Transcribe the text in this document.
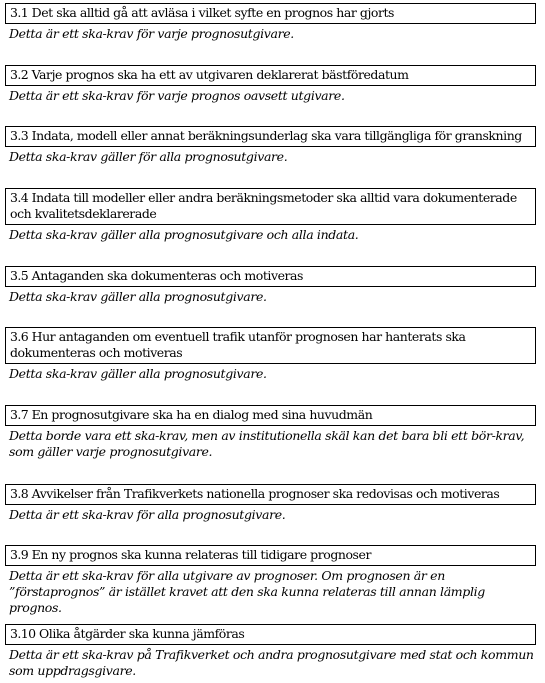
3.1 Det ska alltid gå att avläsa i vilket syfte en prognos har gjorts
Detta är ett ska-krav för varje prognosutgivare.
3.2 Varje prognos ska ha ett av utgivaren deklarerat bästföredatum
Detta är ett ska-krav för varje prognos oavsett utgivare.
3.3 Indata, modell eller annat beräkningsunderlag ska vara tillgängliga för granskning
Detta ska-krav gäller för alla prognosutgivare.
3.4 Indata till modeller eller andra beräkningsmetoder ska alltid vara dokumenterade och kvalitetsdeklarerade
Detta ska-krav gäller alla prognosutgivare och alla indata.
3.5 Antaganden ska dokumenteras och motiveras
Detta ska-krav gäller alla prognosutgivare.
3.6 Hur antaganden om eventuell trafik utanför prognosen har hanterats ska dokumenteras och motiveras
Detta ska-krav gäller alla prognosutgivare.
3.7 En prognosutgivare ska ha en dialog med sina huvudmän
Detta borde vara ett ska-krav, men av institutionella skäl kan det bara bli ett bör-krav, som gäller varje prognosutgivare.
3.8 Avvikelser från Trafikverkets nationella prognoser ska redovisas och motiveras
Detta är ett ska-krav för alla prognosutgivare.
3.9 En ny prognos ska kunna relateras till tidigare prognoser
Detta är ett ska-krav för alla utgivare av prognoser. Om prognosen är en ”förstaprognos” är istället kravet att den ska kunna relateras till annan lämplig prognos.
3.10 Olika åtgärder ska kunna jämföras
Detta är ett ska-krav på Trafikverket och andra prognosutgivare med stat och kommun som uppdragsgivare.
